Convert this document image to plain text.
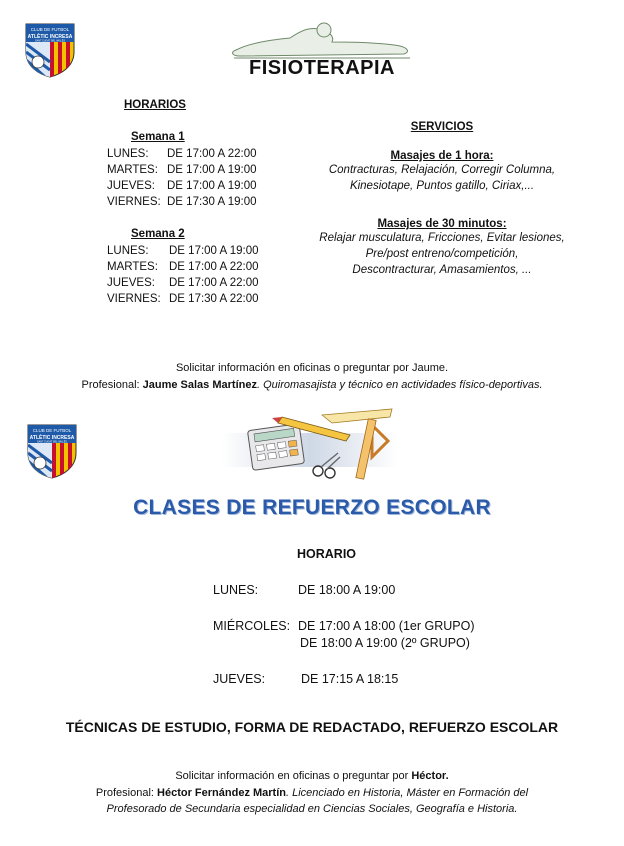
CLUB DE FUTBOL
ATLÈTIC INCRESA
SANT CUGAT DEL VALLÈS
FISIOTERAPIA
HORARIOS
Semana 1
LUNES: DE 17:00 A 22:00
MARTES: DE 17:00 A 19:00
JUEVES: DE 17:00 A 19:00
VIERNES: DE 17:30 A 19:00
Semana 2
LUNES: DE 17:00 A 19:00
MARTES: DE 17:00 A 22:00
JUEVES: DE 17:00 A 22:00
VIERNES: DE 17:30 A 22:00
SERVICIOS
Masajes de 1 hora:
Contracturas, Relajación, Corregir Columna,
Kinesiotape, Puntos gatillo, Ciriax,...
Masajes de 30 minutos:
Relajar musculatura, Fricciones, Evitar lesiones,
Pre/post entreno/competición,
Descontracturar, Amasamientos, ...
Solicitar información en oficinas o preguntar por Jaume.
Profesional: Jaume Salas Martínez. Quiromasajista y técnico en actividades físico-deportivas.
CLUB DE FUTBOL
ATLÈTIC INCRESA
SANT CUGAT DEL VALLÈS
CLASES DE REFUERZO ESCOLAR
HORARIO
LUNES:	DE 18:00 A 19:00
MIÉRCOLES: DE 17:00 A 18:00 (1er GRUPO)
DE 18:00 A 19:00 (2º GRUPO)
JUEVES:	DE 17:15 A 18:15
TÉCNICAS DE ESTUDIO, FORMA DE REDACTADO, REFUERZO ESCOLAR
Solicitar información en oficinas o preguntar por Héctor.
Profesional: Héctor Fernández Martín. Licenciado en Historia, Máster en Formación del
Profesorado de Secundaria especialidad en Ciencias Sociales, Geografía e Historia.
